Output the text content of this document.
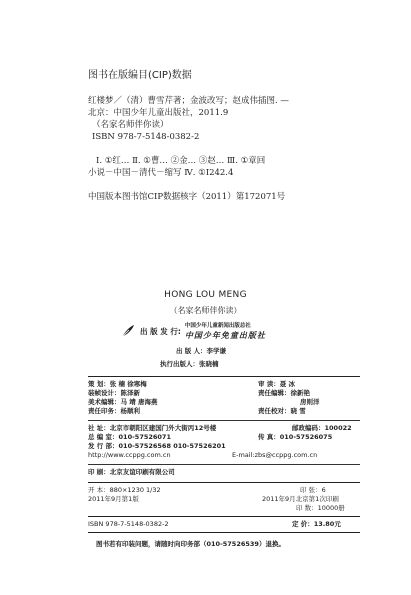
图书在版编目(CIP)数据
红楼梦／（清）曹雪芹著；金波改写；赵成伟插图. —
北京：中国少年儿童出版社，2011.9
（名家名师伴你读）
ISBN 978-7-5148-0382-2
Ⅰ. ①红… Ⅱ. ①曹… ②金… ③赵… Ⅲ. ①章回
小说－中国－清代－缩写 Ⅳ. ①I242.4
中国版本图书馆CIP数据核字（2011）第172071号
HONG LOU MENG
（名家名师伴你读）
出 版 发 行:
中国少年儿童新闻出版总社
中国少年免童出版社
出 版 人：李学谦
执行出版人：张晓楠
策 划：张 楠 徐寒梅	审 读：聂 冰
装帧设计：陈泽新	责任编辑：徐新艳
美术编辑：马 靖 唐海燕	房则洋
责任印务：杨顺利	责任校对：晓 雪
社 址：北京市朝阳区建国门外大街丙12号楼	邮政编码：100022
总 编 室：010-57526071	传 真：010-57526075
发 行 部：010-57526568 010-57526201
http://www.ccppg.com.cn	E-mail:zbs@ccppg.com.cn
印 刷：北京友谊印刷有限公司
开 本：880×1230 1/32	印 张：6
2011年9月第1版	2011年9月北京第1次印刷
印 数：10000册
ISBN 978-7-5148-0382-2	定 价：13.80元
图书若有印装问题，请随时向印务部（010-57526539）退换。
